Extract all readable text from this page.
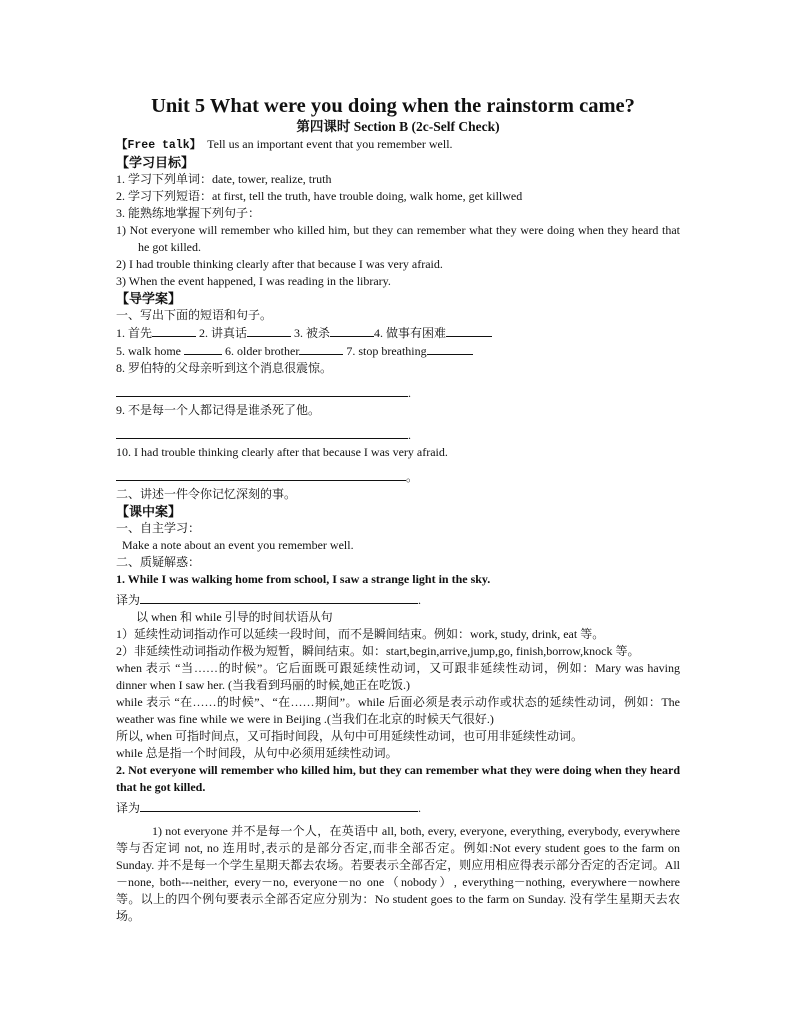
Unit 5 What were you doing when the rainstorm came?
第四课时 Section B (2c-Self Check)
【Free talk】 Tell us an important event that you remember well.
【学习目标】
1. 学习下列单词：date, tower, realize, truth
2. 学习下列短语：at first, tell the truth, have trouble doing, walk home, get killwed
3. 能熟练地掌握下列句子：
1) Not everyone will remember who killed him, but they can remember what they were doing when they heard that he got killed.
2) I had trouble thinking clearly after that because I was very afraid.
3) When the event happened, I was reading in the library.
【导学案】
一、写出下面的短语和句子。
1. 首先	2. 讲真话	3. 被杀	4. 做事有困难
5. walk home	6. older brother	7. stop breathing
8. 罗伯特的父母亲听到这个消息很震惊。
.
9. 不是每一个人都记得是谁杀死了他。
.
10. I had trouble thinking clearly after that because I was very afraid.
。
二、讲述一件令你记忆深刻的事。
【课中案】
一、自主学习：
Make a note about an event you remember well.
二、质疑解惑：
1. While I was walking home from school, I saw a strange light in the sky.
译为	.
以 when 和 while 引导的时间状语从句
1）延续性动词指动作可以延续一段时间，而不是瞬间结束。例如：work, study, drink, eat 等。
2）非延续性动词指动作极为短暂，瞬间结束。如：start,begin,arrive,jump,go, finish,borrow,knock 等。
when 表示 “当……的时候”。它后面既可跟延续性动词，又可跟非延续性动词，例如：Mary was having dinner when I saw her. (当我看到玛丽的时候,她正在吃饭.)
while 表示 “在……的时候”、“在……期间”。while 后面必须是表示动作或状态的延续性动词，例如：The weather was fine while we were in Beijing .(当我们在北京的时候天气很好.)
所以, when 可指时间点，又可指时间段，从句中可用延续性动词，也可用非延续性动词。
while 总是指一个时间段，从句中必须用延续性动词。
2. Not everyone will remember who killed him, but they can remember what they were doing when they heard that he got killed.
译为	.
1) not everyone 并不是每一个人，在英语中 all, both, every, everyone, everything, everybody, everywhere 等与否定词 not, no 连用时,表示的是部分否定,而非全部否定。例如:Not every student goes to the farm on Sunday. 并不是每一个学生星期天都去农场。若要表示全部否定，则应用相应得表示部分否定的否定词。All－none, both---neither, every－no, everyone－no one（nobody）, everything－nothing, everywhere－nowhere 等。以上的四个例句要表示全部否定应分别为：No student goes to the farm on Sunday. 没有学生星期天去农场。
